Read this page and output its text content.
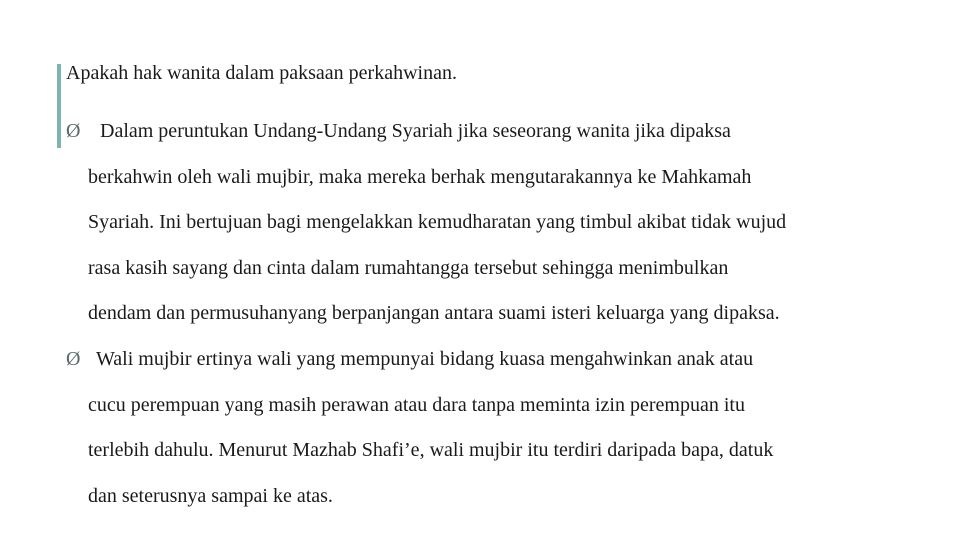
Apakah hak wanita dalam paksaan perkahwinan.
Ø Dalam peruntukan Undang-Undang Syariah jika seseorang wanita jika dipaksa
berkahwin oleh wali mujbir, maka mereka berhak mengutarakannya ke Mahkamah
Syariah. Ini bertujuan bagi mengelakkan kemudharatan yang timbul akibat tidak wujud
rasa kasih sayang dan cinta dalam rumahtangga tersebut sehingga menimbulkan
dendam dan permusuhanyang berpanjangan antara suami isteri keluarga yang dipaksa.
Ø Wali mujbir ertinya wali yang mempunyai bidang kuasa mengahwinkan anak atau
cucu perempuan yang masih perawan atau dara tanpa meminta izin perempuan itu
terlebih dahulu. Menurut Mazhab Shafi’e, wali mujbir itu terdiri daripada bapa, datuk
dan seterusnya sampai ke atas.
